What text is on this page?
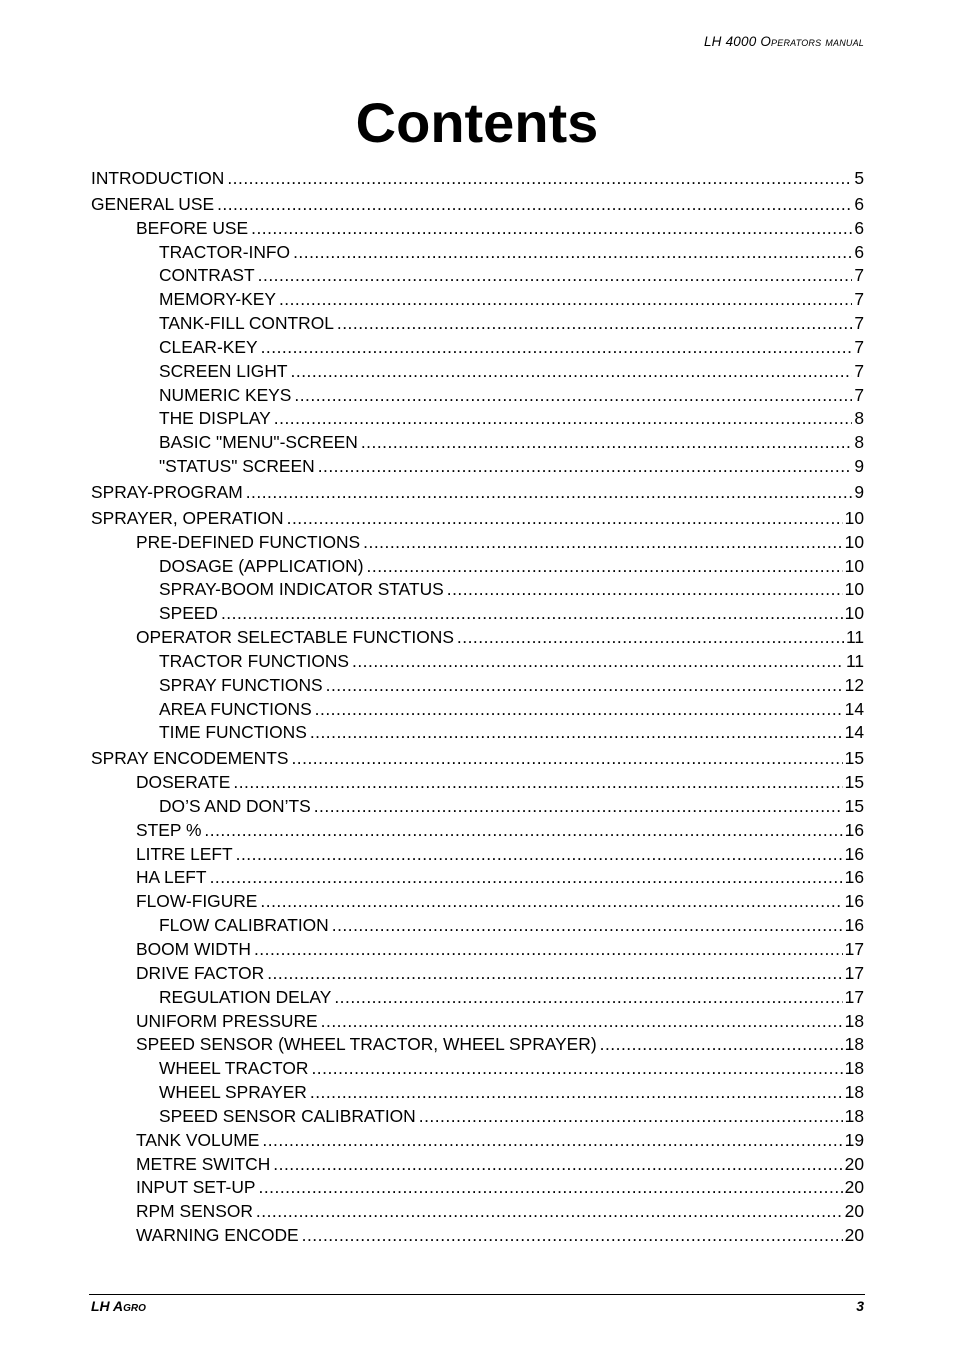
LH 4000 Operators manual
Contents
INTRODUCTION .....	5
GENERAL USE .....	6
BEFORE USE .....	6
TRACTOR-INFO .....	6
CONTRAST .....	7
MEMORY-KEY .....	7
TANK-FILL CONTROL .....	7
CLEAR-KEY .....	7
SCREEN LIGHT .....	7
NUMERIC KEYS .....	7
THE DISPLAY .....	8
BASIC "MENU"-SCREEN .....	8
"STATUS" SCREEN .....	9
SPRAY-PROGRAM .....	9
SPRAYER, OPERATION .....	10
PRE-DEFINED FUNCTIONS .....	10
DOSAGE (APPLICATION) .....	10
SPRAY-BOOM INDICATOR STATUS .....	10
SPEED .....	10
OPERATOR SELECTABLE FUNCTIONS .....	11
TRACTOR FUNCTIONS .....	11
SPRAY FUNCTIONS .....	12
AREA FUNCTIONS .....	14
TIME FUNCTIONS .....	14
SPRAY ENCODEMENTS .....	15
DOSERATE .....	15
DO’S AND DON’TS .....	15
STEP % .....	16
LITRE LEFT .....	16
HA LEFT .....	16
FLOW-FIGURE .....	16
FLOW CALIBRATION .....	16
BOOM WIDTH .....	17
DRIVE FACTOR .....	17
REGULATION DELAY .....	17
UNIFORM PRESSURE .....	18
SPEED SENSOR (WHEEL TRACTOR, WHEEL SPRAYER) .....	18
WHEEL TRACTOR .....	18
WHEEL SPRAYER .....	18
SPEED SENSOR CALIBRATION .....	18
TANK VOLUME .....	19
METRE SWITCH .....	20
INPUT SET-UP .....	20
RPM SENSOR .....	20
WARNING ENCODE .....	20
LH Agro	3
